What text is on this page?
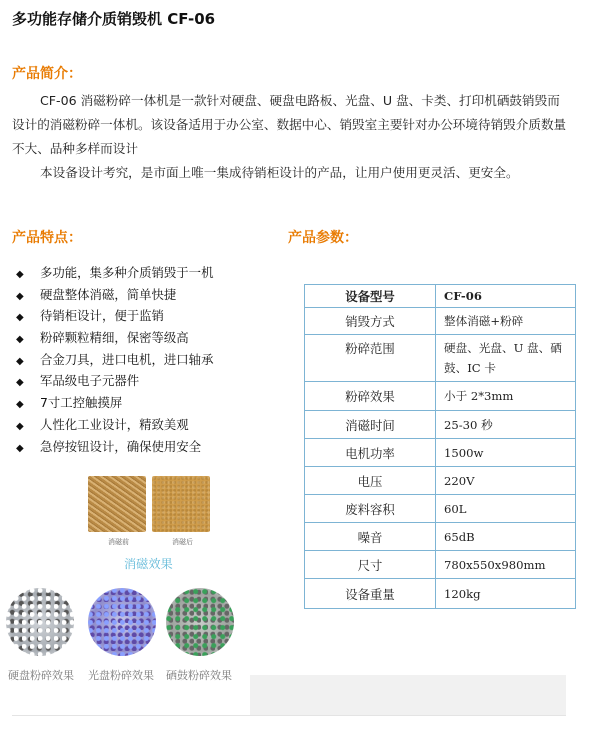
多功能存储介质销毁机 CF-06
产品简介：

CF-06 消磁粉碎一体机是一款针对硬盘、硬盘电路板、光盘、U 盘、卡类、打印机硒鼓销毁而设计的消磁粉碎一体机。该设备适用于办公室、数据中心、销毁室主要针对办公环境待销毁介质数量不大、品种多样而设计

本设备设计考究，是市面上唯一集成待销柜设计的产品，让用户使用更灵活、更安全。

产品特点：
◆ 多功能，集多种介质销毁于一机
◆ 硬盘整体消磁，简单快捷
◆ 待销柜设计，便于监销
◆ 粉碎颗粒精细，保密等级高
◆ 合金刀具，进口电机，进口轴承
◆ 军品级电子元器件
◆ 7寸工控触摸屏
◆ 人性化工业设计，精致美观
◆ 急停按钮设计，确保使用安全
产品参数：
设备型号	CF-06
销毁方式	整体消磁+粉碎
粉碎范围	硬盘、光盘、U 盘、硒鼓、IC 卡
粉碎效果	小于 2*3mm
消磁时间	25-30 秒
电机功率	1500w
电压	220V
废料容积	60L
噪音	65dB
尺寸	780x550x980mm
设备重量	120kg
消磁前	消磁后
消磁效果
硬盘粉碎效果 光盘粉碎效果 硒鼓粉碎效果
